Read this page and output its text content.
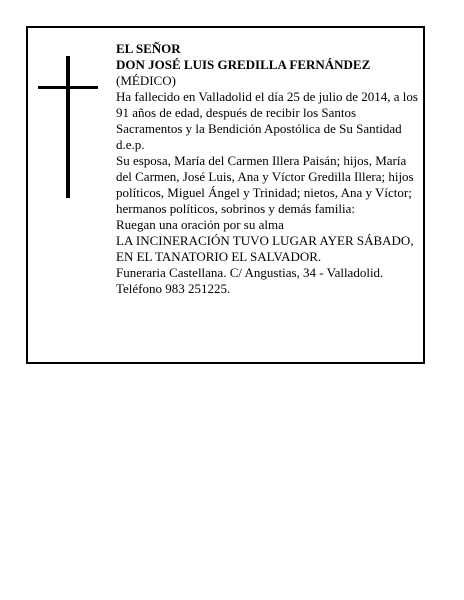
EL SEÑOR

DON JOSÉ LUIS GREDILLA FERNÁNDEZ

(MÉDICO)

Ha fallecido en Valladolid el día 25 de julio de 2014, a los 91 años de edad, después de recibir los Santos Sacramentos y la Bendición Apostólica de Su Santidad

d.e.p.

Su esposa, María del Carmen Illera Paisán; hijos, María del Carmen, José Luis, Ana y Víctor Gredilla Illera; hijos políticos, Miguel Ángel y Trinidad; nietos, Ana y Víctor; hermanos políticos, sobrinos y demás familia:

Ruegan una oración por su alma

LA INCINERACIÓN TUVO LUGAR AYER SÁBADO, EN EL TANATORIO EL SALVADOR.

Funeraria Castellana. C/ Angustias, 34 - Valladolid.

Teléfono 983 251225.
